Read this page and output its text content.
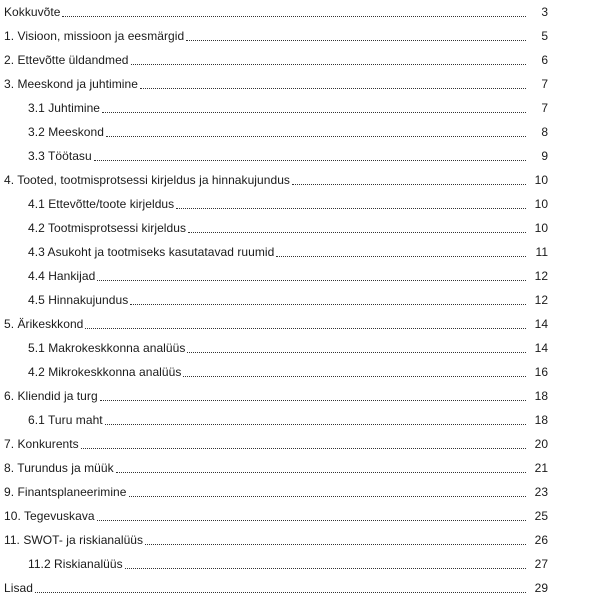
Kokkuvõte	3
1. Visioon, missioon ja eesmärgid	5
2. Ettevõtte üldandmed	6
3. Meeskond ja juhtimine	7
3.1 Juhtimine	7
3.2 Meeskond	8
3.3 Töötasu	9
4. Tooted, tootmisprotsessi kirjeldus ja hinnakujundus	10
4.1 Ettevõtte/toote kirjeldus	10
4.2 Tootmisprotsessi kirjeldus	10
4.3 Asukoht ja tootmiseks kasutatavad ruumid	11
4.4 Hankijad	12
4.5 Hinnakujundus	12
5. Ärikeskkond	14
5.1 Makrokeskkonna analüüs	14
4.2 Mikrokeskkonna analüüs	16
6. Kliendid ja turg	18
6.1 Turu maht	18
7. Konkurents	20
8. Turundus ja müük	21
9. Finantsplaneerimine	23
10. Tegevuskava	25
11. SWOT- ja riskianalüüs	26
11.2 Riskianalüüs	27
Lisad	29
